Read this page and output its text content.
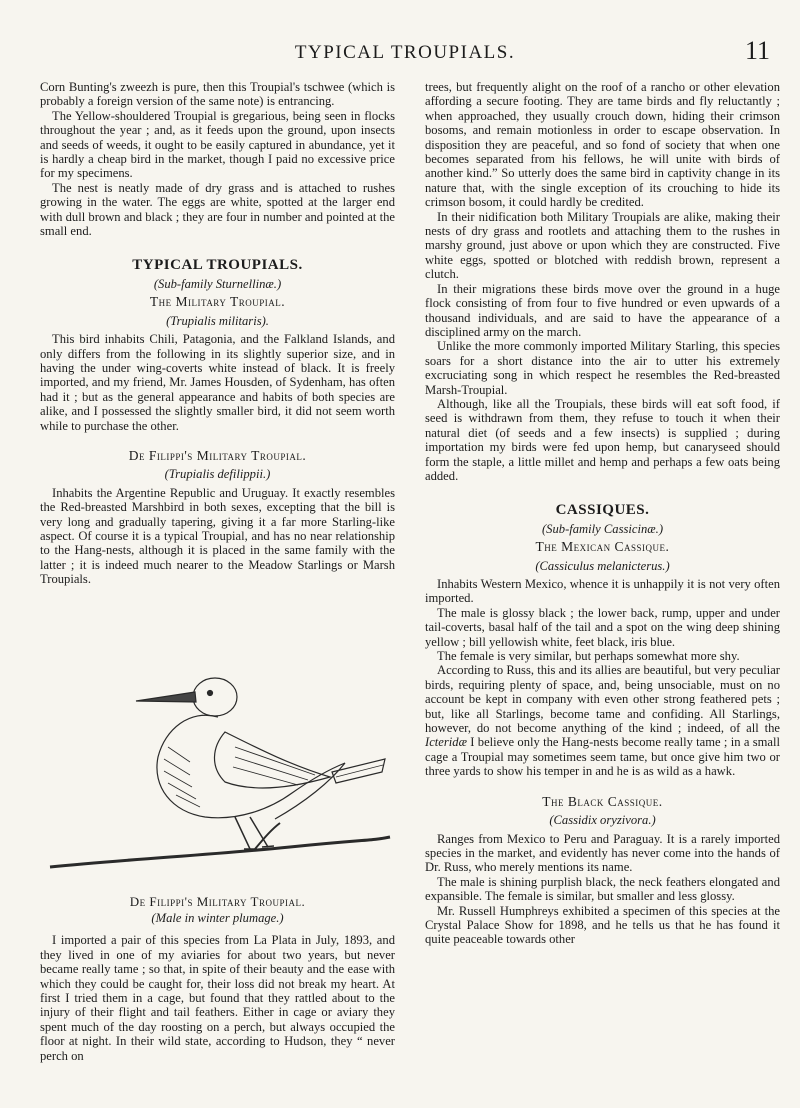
TYPICAL TROUPIALS.	11

Corn Bunting's zweezh is pure, then this Troupial's tschwee (which is probably a foreign version of the same note) is entrancing.

The Yellow-shouldered Troupial is gregarious, being seen in flocks throughout the year ; and, as it feeds upon the ground, upon insects and seeds of weeds, it ought to be easily captured in abundance, yet it is hardly a cheap bird in the market, though I paid no excessive price for my specimens.

The nest is neatly made of dry grass and is attached to rushes growing in the water. The eggs are white, spotted at the larger end with dull brown and black ; they are four in number and pointed at the small end.

TYPICAL TROUPIALS.
(Sub-family Sturnellinæ.)
The Military Troupial.
(Trupialis militaris).

This bird inhabits Chili, Patagonia, and the Falkland Islands, and only differs from the following in its slightly superior size, and in having the under wing-coverts white instead of black. It is freely imported, and my friend, Mr. James Housden, of Sydenham, has often had it ; but as the general appearance and habits of both species are alike, and I possessed the slightly smaller bird, it did not seem worth while to purchase the other.

De Filippi's Military Troupial.
(Trupialis defilippii.)

Inhabits the Argentine Republic and Uruguay. It exactly resembles the Red-breasted Marshbird in both sexes, excepting that the bill is very long and gradually tapering, giving it a far more Starling-like aspect. Of course it is a typical Troupial, and has no near relationship to the Hang-nests, although it is placed in the same family with the latter ; it is indeed much nearer to the Meadow Starlings or Marsh Troupials.

De Filippi's Military Troupial.
(Male in winter plumage.)

I imported a pair of this species from La Plata in July, 1893, and they lived in one of my aviaries for about two years, but never became really tame ; so that, in spite of their beauty and the ease with which they could be caught for, their loss did not break my heart. At first I tried them in a cage, but found that they rattled about to the injury of their flight and tail feathers. Either in cage or aviary they spent much of the day roosting on a perch, but always occupied the floor at night. In their wild state, according to Hudson, they “ never perch on

trees, but frequently alight on the roof of a rancho or other elevation affording a secure footing. They are tame birds and fly reluctantly ; when approached, they usually crouch down, hiding their crimson bosoms, and remain motionless in order to escape observation. In disposition they are peaceful, and so fond of society that when one becomes separated from his fellows, he will unite with birds of another kind.” So utterly does the same bird in captivity change in its nature that, with the single exception of its crouching to hide its crimson bosom, it could hardly be credited.

In their nidification both Military Troupials are alike, making their nests of dry grass and rootlets and attaching them to the rushes in marshy ground, just above or upon which they are constructed. Five white eggs, spotted or blotched with reddish brown, represent a clutch.

In their migrations these birds move over the ground in a huge flock consisting of from four to five hundred or even upwards of a thousand individuals, and are said to have the appearance of a disciplined army on the march.

Unlike the more commonly imported Military Starling, this species soars for a short distance into the air to utter his extremely excruciating song in which respect he resembles the Red-breasted Marsh-Troupial.

Although, like all the Troupials, these birds will eat soft food, if seed is withdrawn from them, they refuse to touch it when their natural diet (of seeds and a few insects) is supplied ; during importation my birds were fed upon hemp, but canaryseed should form the staple, a little millet and hemp and perhaps a few oats being added.

CASSIQUES.
(Sub-family Cassicinæ.)
The Mexican Cassique.
(Cassiculus melanicterus.)

Inhabits Western Mexico, whence it is unhappily it is not very often imported.

The male is glossy black ; the lower back, rump, upper and under tail-coverts, basal half of the tail and a spot on the wing deep shining yellow ; bill yellowish white, feet black, iris blue.

The female is very similar, but perhaps somewhat more shy.

According to Russ, this and its allies are beautiful, but very peculiar birds, requiring plenty of space, and, being unsociable, must on no account be kept in company with even other strong feathered pets ; but, like all Starlings, become tame and confiding. All Starlings, however, do not become anything of the kind ; indeed, of all the Icteridæ I believe only the Hang-nests become really tame ; in a small cage a Troupial may sometimes seem tame, but once give him two or three yards to show his temper in and he is as wild as a hawk.

The Black Cassique.
(Cassidix oryzivora.)

Ranges from Mexico to Peru and Paraguay. It is a rarely imported species in the market, and evidently has never come into the hands of Dr. Russ, who merely mentions its name.

The male is shining purplish black, the neck feathers elongated and expansible. The female is similar, but smaller and less glossy.

Mr. Russell Humphreys exhibited a specimen of this species at the Crystal Palace Show for 1898, and he tells us that he has found it quite peaceable towards other
